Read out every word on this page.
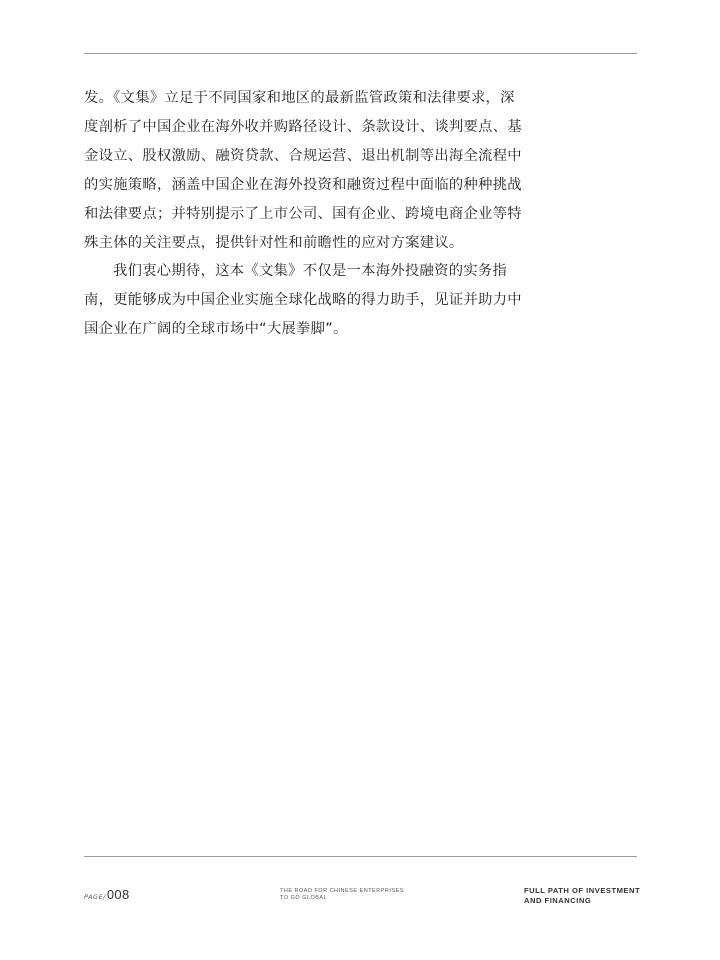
发。《文集》立足于不同国家和地区的最新监管政策和法律要求，深
度剖析了中国企业在海外收并购路径设计、条款设计、谈判要点、基
金设立、股权激励、融资贷款、合规运营、退出机制等出海全流程中
的实施策略，涵盖中国企业在海外投资和融资过程中面临的种种挑战
和法律要点；并特别提示了上市公司、国有企业、跨境电商企业等特
殊主体的关注要点，提供针对性和前瞻性的应对方案建议。

我们衷心期待，这本《文集》不仅是一本海外投融资的实务指
南，更能够成为中国企业实施全球化战略的得力助手，见证并助力中
国企业在广阔的全球市场中“大展拳脚”。

PAGE/ 008	THE ROAD FOR CHINESE ENTERPRISES
TO GO GLOBAL
FULL PATH OF INVESTMENT
AND FINANCING
